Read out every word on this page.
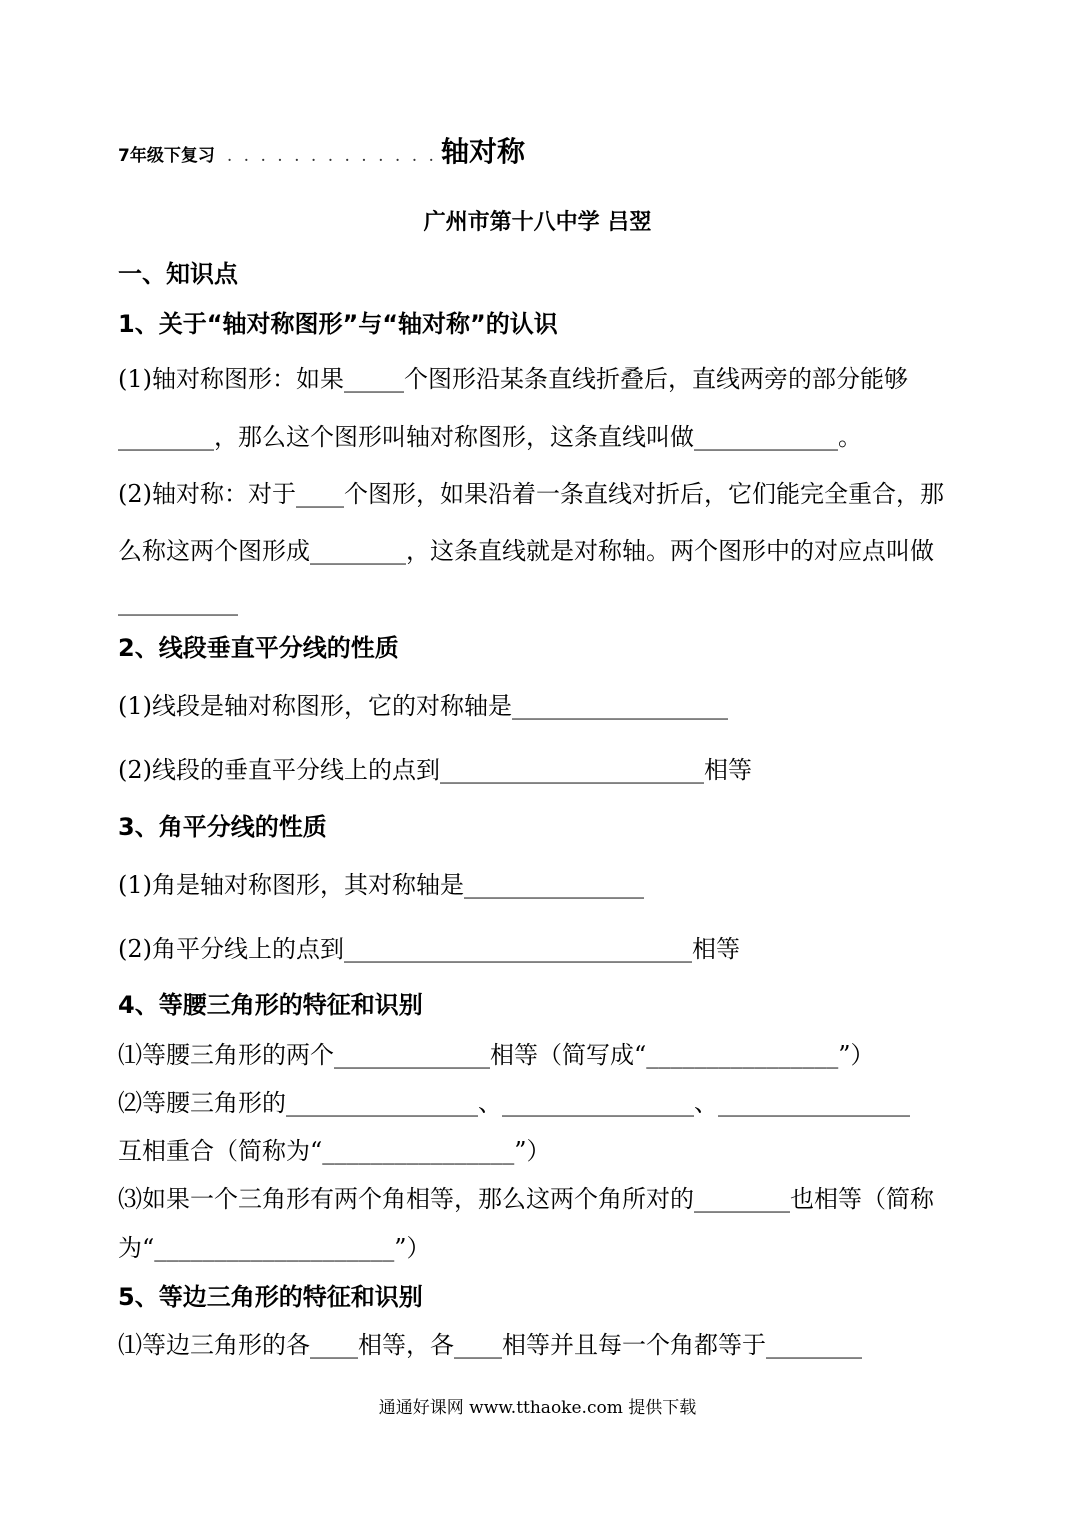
7年级下复习 . . . . . . . . . . . . . 轴对称
广州市第十八中学 吕翌
一、知识点
1、关于“轴对称图形”与“轴对称”的认识
(1)轴对称图形：如果_____个图形沿某条直线折叠后，直线两旁的部分能够
________，那么这个图形叫轴对称图形，这条直线叫做____________。
(2)轴对称：对于____个图形，如果沿着一条直线对折后，它们能完全重合，那
么称这两个图形成________，这条直线就是对称轴。两个图形中的对应点叫做
__________
2、线段垂直平分线的性质
(1)线段是轴对称图形，它的对称轴是__________________
(2)线段的垂直平分线上的点到______________________相等
3、角平分线的性质
(1)角是轴对称图形，其对称轴是_______________
(2)角平分线上的点到_____________________________相等
4、等腰三角形的特征和识别
⑴等腰三角形的两个_____________相等（简写成“________________”）
⑵等腰三角形的________________、________________、________________
互相重合（简称为“________________”）
⑶如果一个三角形有两个角相等，那么这两个角所对的________也相等（简称
为“____________________”）
5、等边三角形的特征和识别
⑴等边三角形的各____相等，各____相等并且每一个角都等于________
通通好课网 www.tthaoke.com 提供下载
